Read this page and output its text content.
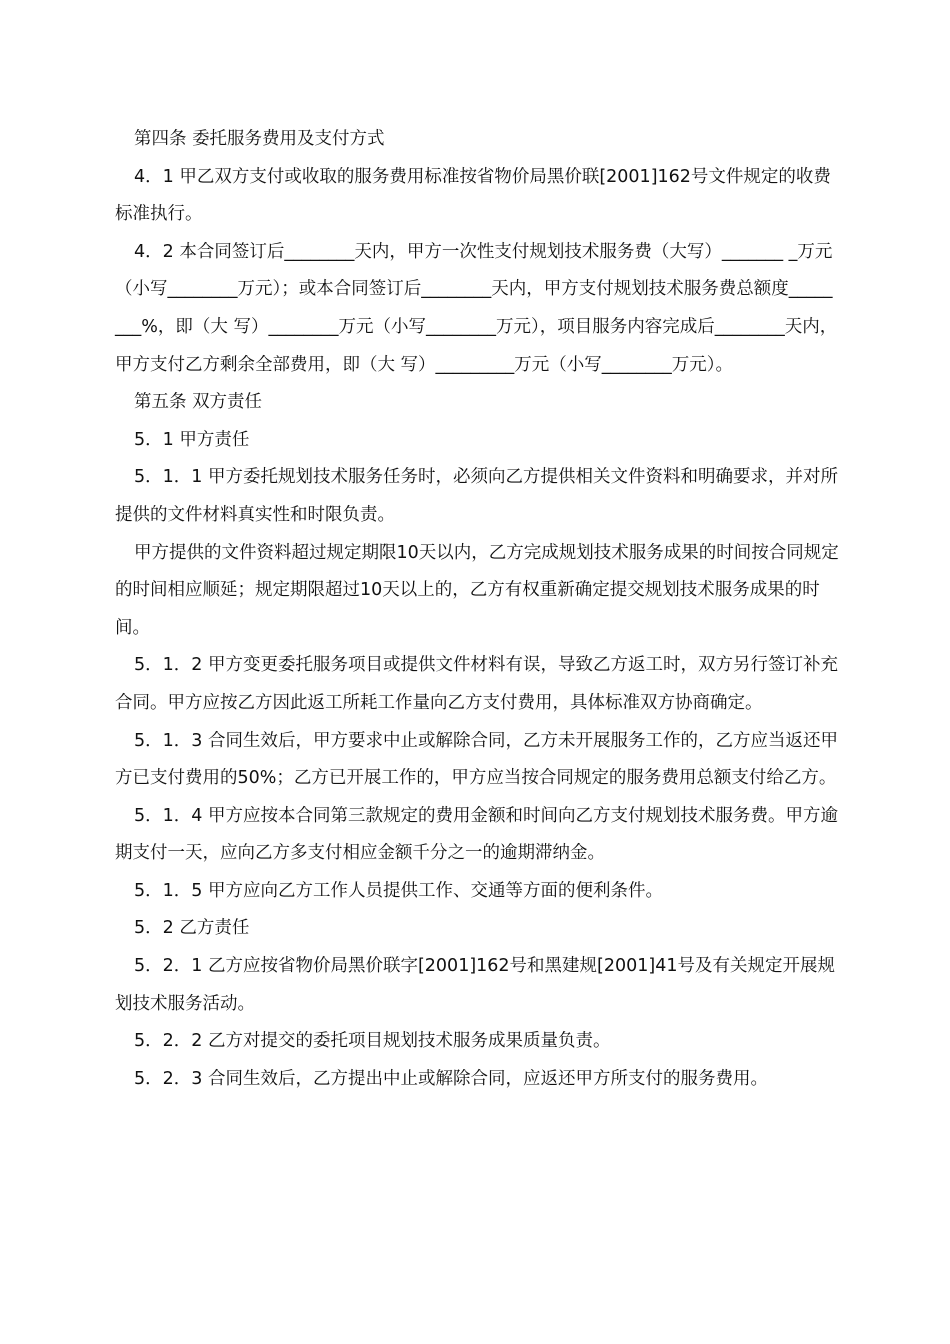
第四条 委托服务费用及支付方式

4．1 甲乙双方支付或收取的服务费用标准按省物价局黑价联[2001]162号文件规定的收费标准执行。

4．2 本合同签订后________天内，甲方一次性支付规划技术服务费（大写）_______ _万元（小写________万元）；或本合同签订后________天内，甲方支付规划技术服务费总额度________%，即（大 写）________万元（小写________万元），项目服务内容完成后________天内，甲方支付乙方剩余全部费用，即（大 写）_________万元（小写________万元）。

第五条 双方责任

5．1 甲方责任

5．1．1 甲方委托规划技术服务任务时，必须向乙方提供相关文件资料和明确要求，并对所提供的文件材料真实性和时限负责。

甲方提供的文件资料超过规定期限10天以内，乙方完成规划技术服务成果的时间按合同规定的时间相应顺延；规定期限超过10天以上的，乙方有权重新确定提交规划技术服务成果的时间。

5．1．2 甲方变更委托服务项目或提供文件材料有误，导致乙方返工时，双方另行签订补充合同。甲方应按乙方因此返工所耗工作量向乙方支付费用，具体标准双方协商确定。

5．1．3 合同生效后，甲方要求中止或解除合同，乙方未开展服务工作的，乙方应当返还甲方已支付费用的50%；乙方已开展工作的，甲方应当按合同规定的服务费用总额支付给乙方。

5．1．4 甲方应按本合同第三款规定的费用金额和时间向乙方支付规划技术服务费。甲方逾期支付一天，应向乙方多支付相应金额千分之一的逾期滞纳金。

5．1．5 甲方应向乙方工作人员提供工作、交通等方面的便利条件。

5．2 乙方责任

5．2．1 乙方应按省物价局黑价联字[2001]162号和黑建规[2001]41号及有关规定开展规划技术服务活动。

5．2．2 乙方对提交的委托项目规划技术服务成果质量负责。

5．2．3 合同生效后，乙方提出中止或解除合同，应返还甲方所支付的服务费用。
